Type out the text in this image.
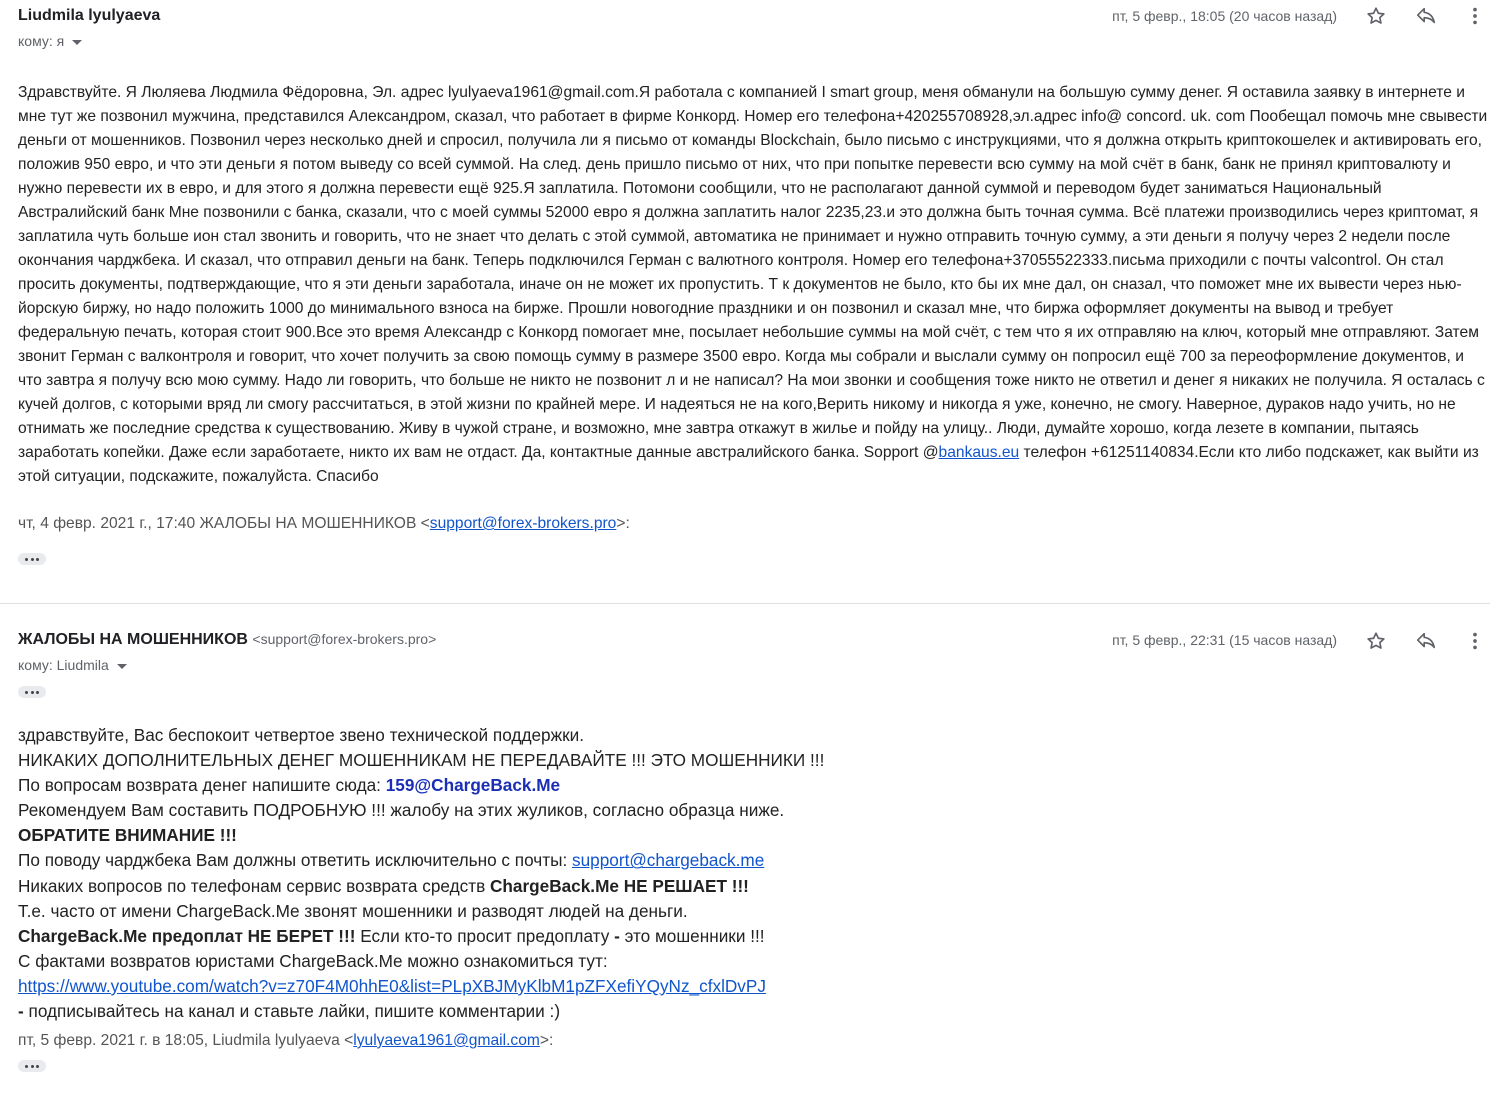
Liudmila lyulyaeva
кому: я
пт, 5 февр., 18:05 (20 часов назад)

Здравствуйте. Я Люляева Людмила Фёдоровна, Эл. адрес lyulyaeva1961@gmail.com.Я работала с компанией I smart group, меня обманули на большую сумму денег. Я оставила заявку в интернете и мне тут же позвонил мужчина, представился Александром, сказал, что работает в фирме Конкорд. Номер его телефона+420255708928,эл.адрес info@ concord. uk. com Пообещал помочь мне свывести деньги от мошенников. Позвонил через несколько дней и спросил, получила ли я письмо от команды Blockchain, было письмо с инструкциями, что я должна открыть криптокошелек и активировать его, положив 950 евро, и что эти деньги я потом выведу со всей суммой. На след. день пришло письмо от них, что при попытке перевести всю сумму на мой счёт в банк, банк не принял криптовалюту и нужно перевести их в евро, и для этого я должна перевести ещё 925.Я заплатила. Потомони сообщили, что не располагают данной суммой и переводом будет заниматься Национальный Австралийский банк Мне позвонили с банка, сказали, что с моей суммы 52000 евро я должна заплатить налог 2235,23.и это должна быть точная сумма. Всё платежи производились через криптомат, я заплатила чуть больше ион стал звонить и говорить, что не знает что делать с этой суммой, автоматика не принимает и нужно отправить точную сумму, а эти деньги я получу через 2 недели после окончания чарджбека. И сказал, что отправил деньги на банк. Теперь подключился Герман с валютного контроля. Номер его телефона+37055522333.письма приходили с почты valcontrol. Он стал просить документы, подтверждающие, что я эти деньги заработала, иначе он не может их пропустить. Т к документов не было, кто бы их мне дал, он сназал, что поможет мне их вывести через нью-йорскую биржу, но надо положить 1000 до минимального взноса на бирже. Прошли новогодние праздники и он позвонил и сказал мне, что биржа оформляет документы на вывод и требует федеральную печать, которая стоит 900.Все это время Александр с Конкорд помогает мне, посылает небольшие суммы на мой счёт, с тем что я их отправляю на ключ, который мне отправляют. Затем звонит Герман с валконтроля и говорит, что хочет получить за свою помощь сумму в размере 3500 евро. Когда мы собрали и выслали сумму он попросил ещё 700 за переоформление документов, и что завтра я получу всю мою сумму. Надо ли говорить, что больше не никто не позвонит л и не написал? На мои звонки и сообщения тоже никто не ответил и денег я никаких не получила. Я осталась с кучей долгов, с которыми вряд ли смогу рассчитаться, в этой жизни по крайней мере. И надеяться не на кого,Верить никому и никогда я уже, конечно, не смогу. Наверное, дураков надо учить, но не отнимать же последние средства к существованию. Живу в чужой стране, и возможно, мне завтра откажут в жилье и пойду на улицу.. Люди, думайте хорошо, когда лезете в компании, пытаясь заработать копейки. Даже если заработаете, никто их вам не отдаст. Да, контактные данные австралийского банка. Sopport @bankaus.eu телефон +61251140834.Если кто либо подскажет, как выйти из этой ситуации, подскажите, пожалуйста. Спасибо

чт, 4 февр. 2021 г., 17:40 ЖАЛОБЫ НА МОШЕННИКОВ <support@forex-brokers.pro>:
ЖАЛОБЫ НА МОШЕННИКОВ <support@forex-brokers.pro>
кому: Liudmila
пт, 5 февр., 22:31 (15 часов назад)
здравствуйте, Вас беспокоит четвертое звено технической поддержки.
НИКАКИХ ДОПОЛНИТЕЛЬНЫХ ДЕНЕГ МОШЕННИКАМ НЕ ПЕРЕДАВАЙТЕ !!! ЭТО МОШЕННИКИ !!!
По вопросам возврата денег напишите сюда: 159@ChargeBack.Me
Рекомендуем Вам составить ПОДРОБНУЮ !!! жалобу на этих жуликов, согласно образца ниже.
ОБРАТИТЕ ВНИМАНИЕ !!!
По поводу чарджбека Вам должны ответить исключительно с почты: support@chargeback.me
Никаких вопросов по телефонам сервис возврата средств ChargeBack.Me НЕ РЕШАЕТ !!!
Т.е. часто от имени ChargeBack.Me звонят мошенники и разводят людей на деньги.
ChargeBack.Me предоплат НЕ БЕРЕТ !!! Если кто-то просит предоплату - это мошенники !!!
С фактами возвратов юристами ChargeBack.Me можно ознакомиться тут:
https://www.youtube.com/watch?v=z70F4M0hhE0&list=PLpXBJMyKlbM1pZFXefiYQyNz_cfxlDvPJ
- подписывайтесь на канал и ставьте лайки, пишите комментарии :)
пт, 5 февр. 2021 г. в 18:05, Liudmila lyulyaeva <lyulyaeva1961@gmail.com>:
